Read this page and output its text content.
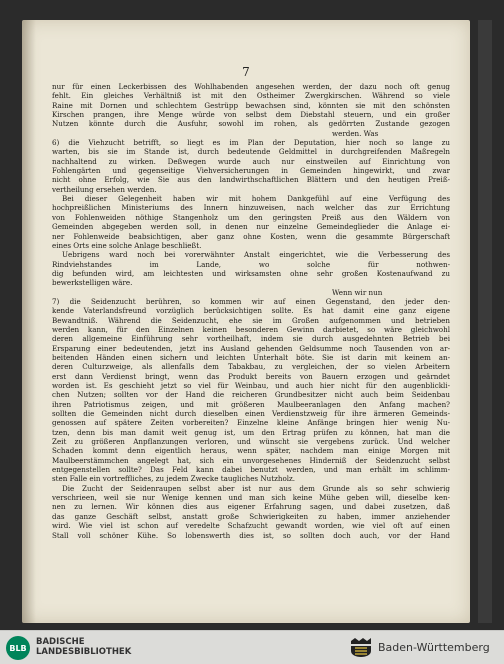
7

nur für einen Leckerbissen des Wohlhabenden angesehen werden, der dazu noch oft genug

fehlt. Ein gleiches Verhältniß ist mit den Ostheimer Zwergkirschen. Während so viele

Raine mit Dornen und schlechtem Gestrüpp bewachsen sind, könnten sie mit den schönsten

Kirschen prangen, ihre Menge würde von selbst dem Diebstahl steuern, und ein großer

Nutzen könnte durch die Ausfuhr, sowohl im rohen, als gedörrten Zustande gezogen

werden. Was

6) die Viehzucht betrifft, so liegt es im Plan der Deputation, hier noch so lange zu

warten, bis sie im Stande ist, durch bedeutende Geldmittel in durchgreifenden Maßregeln

nachhaltend zu wirken. Deßwegen wurde auch nur einstweilen auf Einrichtung von

Fohlengärten und gegenseitige Viehversicherungen in Gemeinden hingewirkt, und zwar

nicht ohne Erfolg, wie Sie aus den landwirthschaftlichen Blättern und den heutigen Preiß-

vertheilung ersehen werden.

Bei dieser Gelegenheit haben wir mit hohem Dankgefühl auf eine Verfügung des

hochpreißlichen Ministeriums des Innern hinzuweisen, nach welcher das zur Errichtung

von Fohlenweiden nöthige Stangenholz um den geringsten Preiß aus den Wäldern von

Gemeinden abgegeben werden soll, in denen nur einzelne Gemeindeglieder die Anlage ei-

ner Fohlenweide beabsichtigen, aber ganz ohne Kosten, wenn die gesammte Bürgerschaft

eines Orts eine solche Anlage beschließt.

Uebrigens ward noch bei vorerwähnter Anstalt eingerichtet, wie die Verbesserung des

Rindviehstandes im Lande, wo solche für nothwen-

dig befunden wird, am leichtesten und wirksamsten ohne sehr großen Kostenaufwand zu

bewerkstelligen wäre.

Wenn wir nun

7) die Seidenzucht berühren, so kommen wir auf einen Gegenstand, den jeder den-

kende Vaterlandsfreund vorzüglich berücksichtigen sollte. Es hat damit eine ganz eigene

Bewandtniß. Während die Seidenzucht, ehe sie im Großen aufgenommen und betrieben

werden kann, für den Einzelnen keinen besonderen Gewinn darbietet, so wäre gleichwohl

deren allgemeine Einführung sehr vortheilhaft, indem sie durch ausgedehnten Betrieb bei

Ersparung einer bedeutenden, jetzt ins Ausland gehenden Geldsumme noch Tausenden von ar-

beitenden Händen einen sichern und leichten Unterhalt böte. Sie ist darin mit keinem an-

deren Culturzweige, als allenfalls dem Tabakbau, zu vergleichen, der so vielen Arbeitern

erst dann Verdienst bringt, wenn das Produkt bereits von Bauern erzogen und geärndet

worden ist. Es geschieht jetzt so viel für Weinbau, und auch hier nicht für den augenblickli-

chen Nutzen; sollten vor der Hand die reicheren Grundbesitzer nicht auch beim Seidenbau

ihren Patriotismus zeigen, und mit größeren Maulbeeranlagen den Anfang machen?

sollten die Gemeinden nicht durch dieselben einen Verdienstzweig für ihre ärmeren Gemeinds-

genossen auf spätere Zeiten vorbereiten? Einzelne kleine Anfänge bringen hier wenig Nu-

tzen, denn bis man damit weit genug ist, um den Ertrag prüfen zu können, hat man die

Zeit zu größeren Anpflanzungen verloren, und wünscht sie vergebens zurück. Und welcher

Schaden kommt denn eigentlich heraus, wenn später, nachdem man einige Morgen mit

Maulbeerstämmchen angelegt hat, sich ein unvorgesehenes Hinderniß der Seidenzucht selbst

entgegenstellen sollte? Das Feld kann dabei benutzt werden, und man erhält im schlimm-

sten Falle ein vortreffliches, zu jedem Zwecke taugliches Nutzholz.

Die Zucht der Seidenraupen selbst aber ist nur aus dem Grunde als so sehr schwierig

verschrieen, weil sie nur Wenige kennen und man sich keine Mühe geben will, dieselbe ken-

nen zu lernen. Wir können dies aus eigener Erfahrung sagen, und dabei zusetzen, daß

das ganze Geschäft selbst, anstatt große Schwierigkeiten zu haben, immer anziehender

wird. Wie viel ist schon auf veredelte Schafzucht gewandt worden, wie viel oft auf einen

Stall voll schöner Kühe. So lobenswerth dies ist, so sollten doch auch, vor der Hand

BLB
BADISCHE
LANDESBIBLIOTHEK	Baden-Württemberg
